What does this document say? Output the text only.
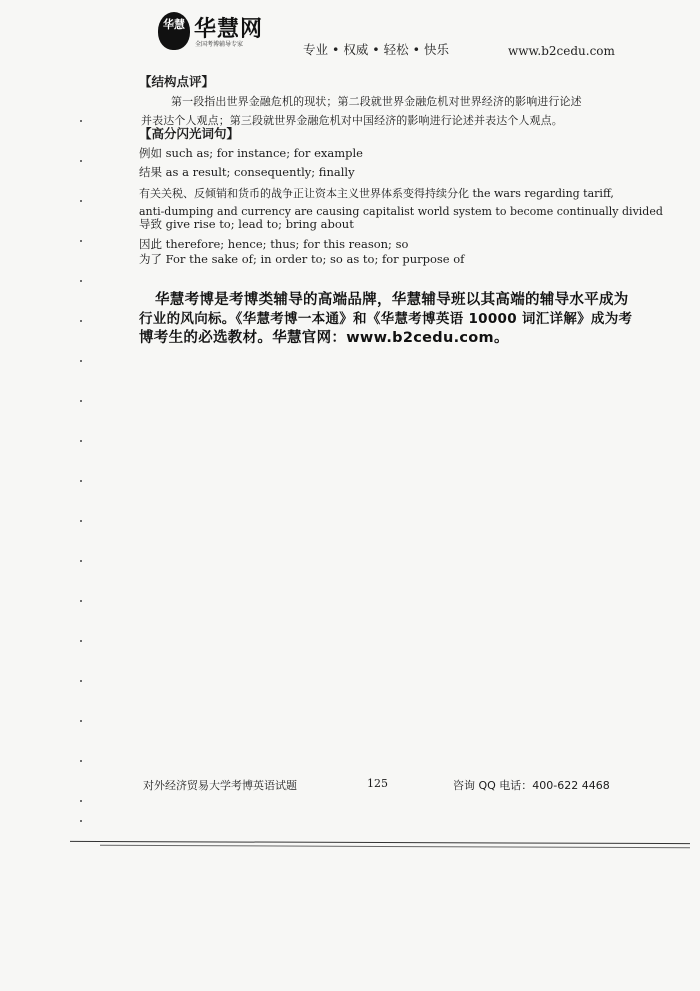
华慧 华慧网
全国考博辅导专家	专业 • 权威 • 轻松 • 快乐	www.b2cedu.com
【结构点评】
第一段指出世界金融危机的现状；第二段就世界金融危机对世界经济的影响进行论述
并表达个人观点；第三段就世界金融危机对中国经济的影响进行论述并表达个人观点。
【高分闪光词句】
例如 such as; for instance; for example
结果 as a result; consequently; finally
有关关税、反倾销和货币的战争正让资本主义世界体系变得持续分化 the wars regarding tariff,
anti-dumping and currency are causing capitalist world system to become continually divided
导致 give rise to; lead to; bring about
因此 therefore; hence; thus; for this reason; so
为了 For the sake of; in order to; so as to; for purpose of
华慧考博是考博类辅导的高端品牌，华慧辅导班以其高端的辅导水平成为
行业的风向标。《华慧考博一本通》和《华慧考博英语 10000 词汇详解》成为考
博考生的必选教材。华慧官网：www.b2cedu.com。
对外经济贸易大学考博英语试题	125	咨询 QQ 电话：400-622 4468
